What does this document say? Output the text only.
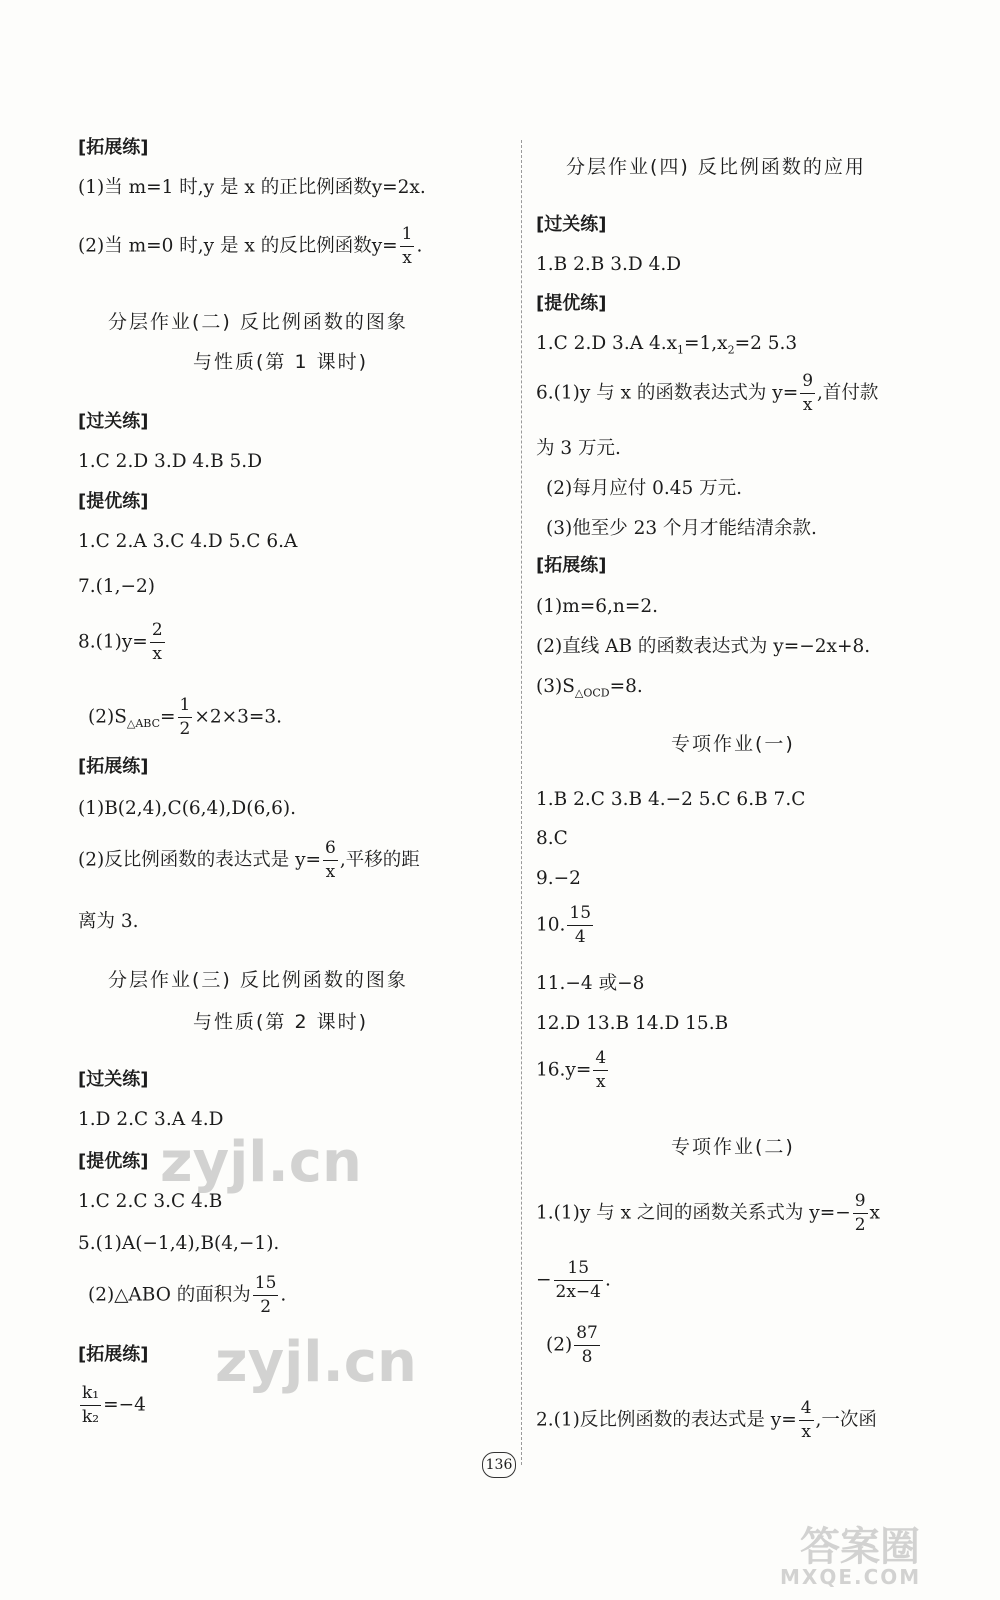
[拓展练]
(1)当 m=1 时,y 是 x 的正比例函数y=2x.
(2)当 m=0 时,y 是 x 的反比例函数$y= \frac{1}{x}$ .
分层作业(二) 反比例函数的图象
与性质(第 1 课时)
[过关练]
1.C 2.D 3.D 4.B 5.D
[提优练]
1.C 2.A 3.C 4.D 5.C 6.A
7.(1,−2)
$8.(1)y= \frac{2}{x}$
$(2)S_{\triangle ABC}= \frac{1}{2} \times 2\times 3=3$.
[拓展练]
(1)B(2,4),C(6,4),D(6,6).
(2)反比例函数的表达式是 $y= \frac{6}{x}$ ,平移的距
离为 3.
分层作业(三) 反比例函数的图象
与性质(第 2 课时)
[过关练]
1.D 2.C 3.A 4.D
[提优练]
1.C 2.C 3.C 4.B
5.(1)A(−1,4),B(4,−1).
(2)△ABO 的面积为 $\frac{15}{2}$ .
[拓展练]
$\frac{\text{k₁}}{\text{k₂}} =-4$
分层作业(四) 反比例函数的应用
[过关练]
1.B 2.B 3.D 4.D
[提优练]
1.C 2.D 3.A $4.x_1=1,x_2=2$ 5.3
6.(1)y 与 x 的函数表达式为 $y= \frac{9}{x}$ ,首付款
为 3 万元.
(2)每月应付 0.45 万元.
(3)他至少 23 个月才能结清余款.
[拓展练]
(1)m=6,n=2.
(2)直线 AB 的函数表达式为 y=−2x+8.
$(3)S_{\triangle OCD}=8$.
专项作业(一)
1.B 2.C 3.B 4.−2 5.C 6.B 7.C
8.C
9.−2
10. $\frac{15}{4}$
11.−4 或−8
12.D 13.B 14.D 15.B
$16.y= \frac{4}{x}$
专项作业(二)
1.(1)y 与 x 之间的函数关系式为 $y=- \frac{9}{2}$ x
− $\frac{15}{2x-4}$ .
$(2) \frac{87}{8}$
2.(1)反比例函数的表达式是 $y= \frac{4}{x}$ ,一次函
136
zyjl.cn
zyjl.cn
答案圈
MXQE.COM
